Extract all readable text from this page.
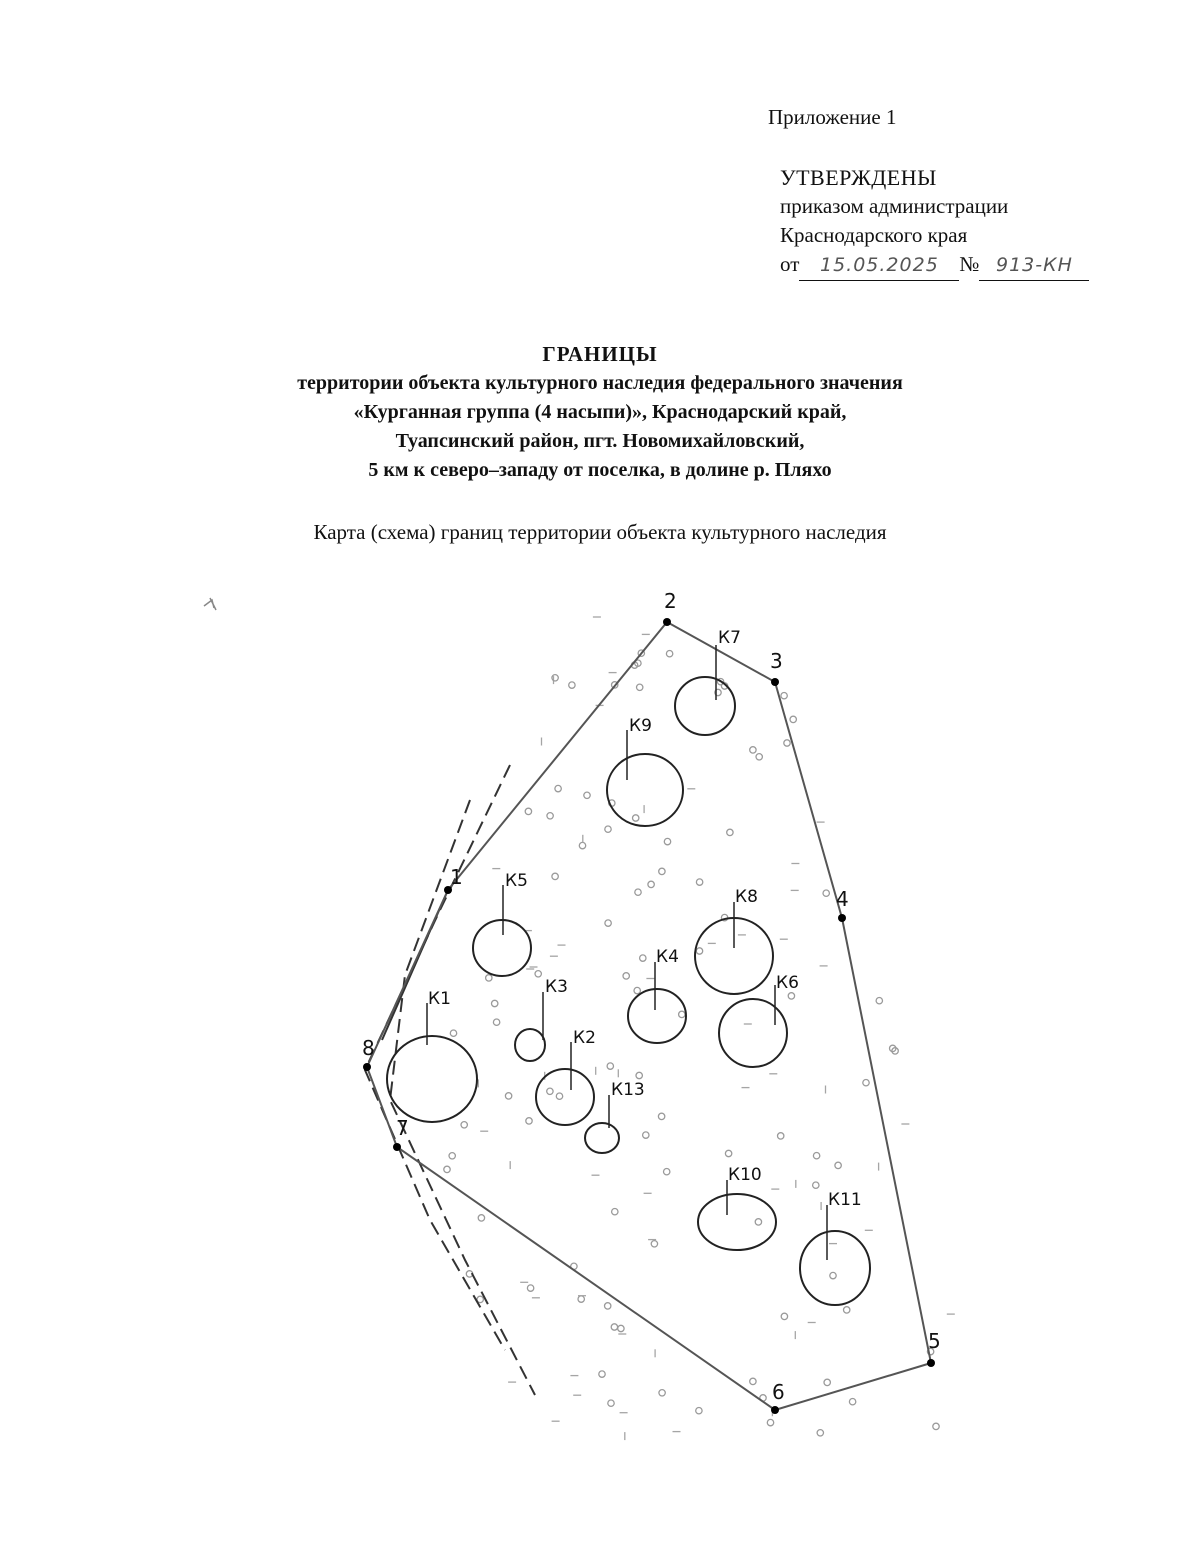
Приложение 1
УТВЕРЖДЕНЫ
приказом администрации
Краснодарского края
от	15.05.2025 № 913-КН
ГРАНИЦЫ
территории объекта культурного наследия федерального значения
«Курганная группа (4 насыпи)», Краснодарский край,
Туапсинский район, пгт. Новомихайловский,
5 км к северо–западу от поселка, в долине р. Пляхо
Карта (схема) границ территории объекта культурного наследия
1
2
3
4
5
6
7
8
К1
К2
К3
К4
К5
К6
К7
К8
К9
К10
К11
К13
